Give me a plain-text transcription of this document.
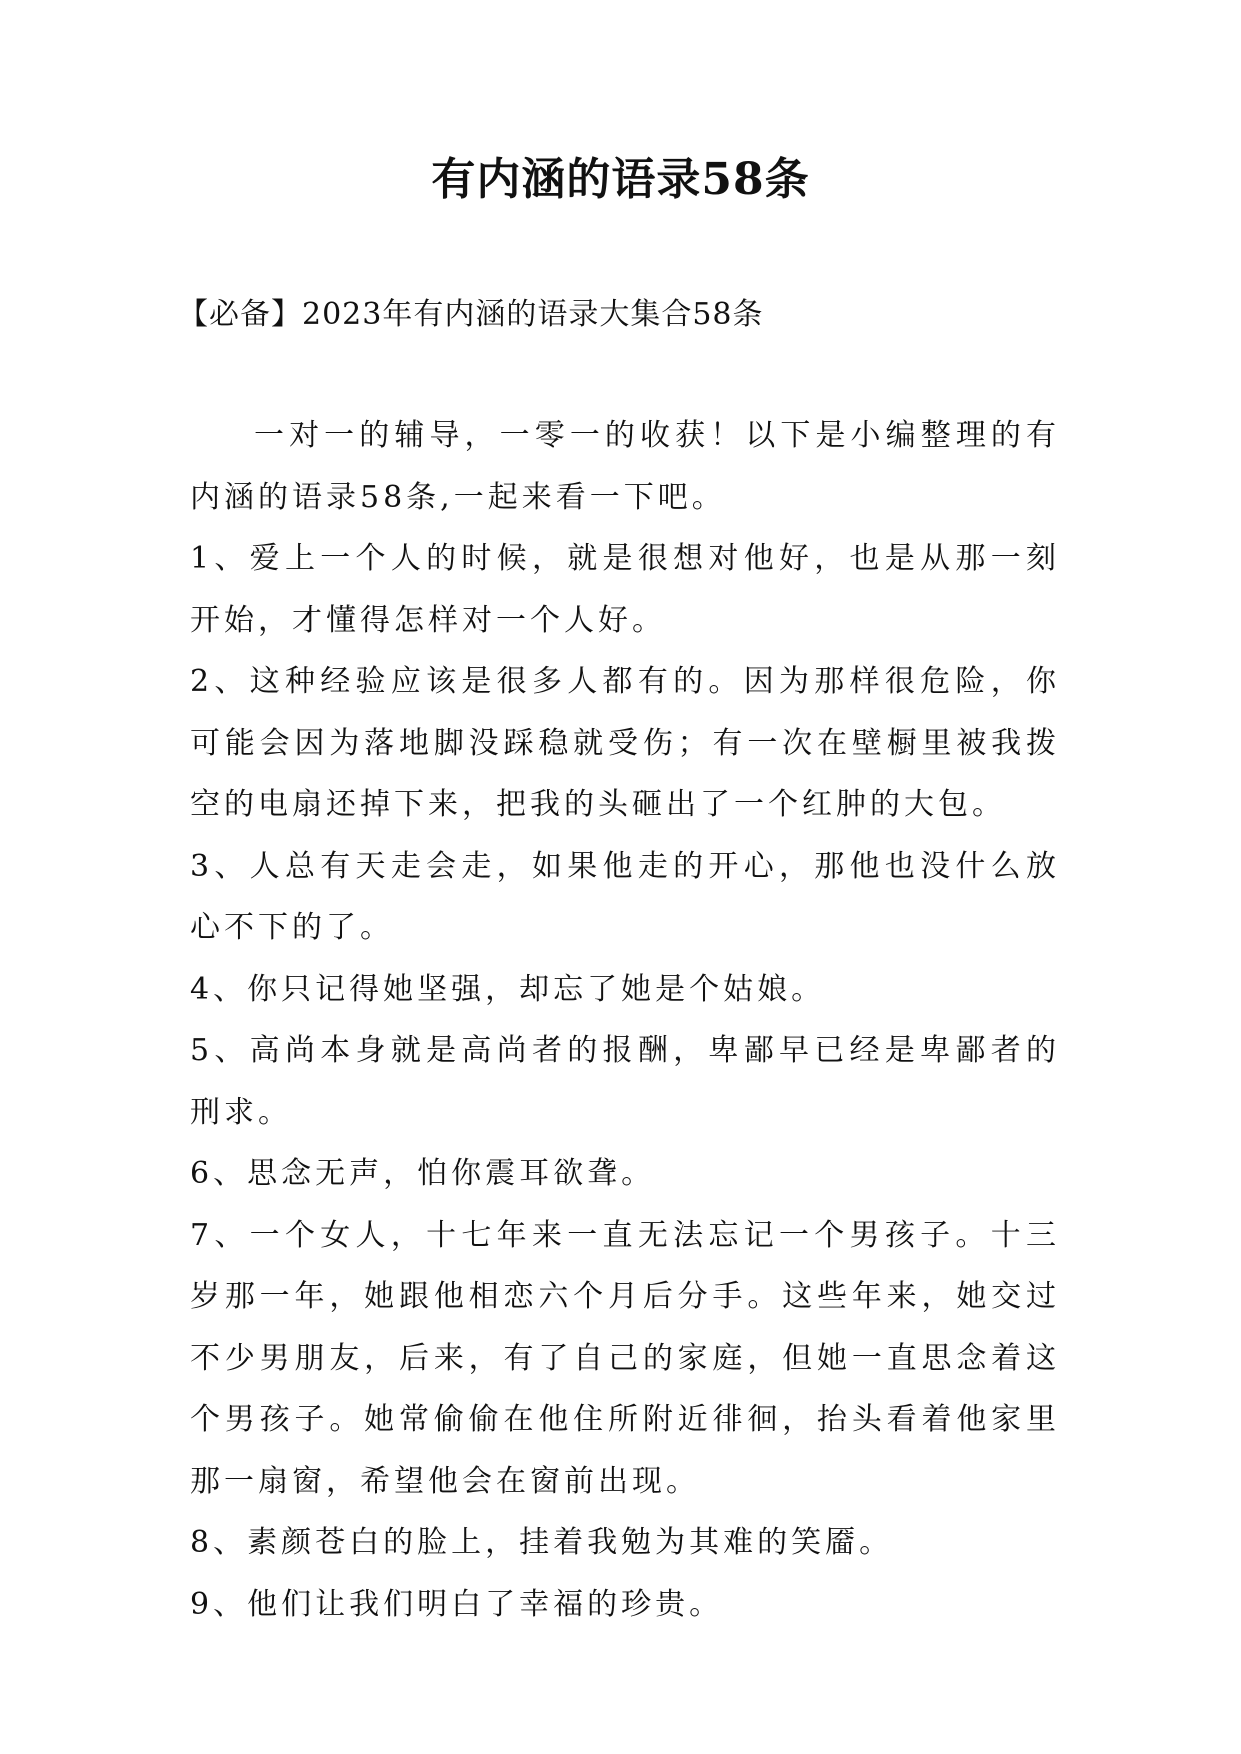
有内涵的语录58条
【必备】2023年有内涵的语录大集合58条

一对一的辅导，一零一的收获！以下是小编整理的有内涵的语录58条,一起来看一下吧。

1、爱上一个人的时候，就是很想对他好，也是从那一刻开始，才懂得怎样对一个人好。

2、这种经验应该是很多人都有的。因为那样很危险，你可能会因为落地脚没踩稳就受伤；有一次在壁橱里被我拨空的电扇还掉下来，把我的头砸出了一个红肿的大包。

3、人总有天走会走，如果他走的开心，那他也没什么放心不下的了。

4、你只记得她坚强，却忘了她是个姑娘。

5、高尚本身就是高尚者的报酬，卑鄙早已经是卑鄙者的刑求。

6、思念无声，怕你震耳欲聋。

7、一个女人，十七年来一直无法忘记一个男孩子。十三岁那一年，她跟他相恋六个月后分手。这些年来，她交过不少男朋友，后来，有了自己的家庭，但她一直思念着这个男孩子。她常偷偷在他住所附近徘徊，抬头看着他家里那一扇窗，希望他会在窗前出现。

8、素颜苍白的脸上，挂着我勉为其难的笑靥。

9、他们让我们明白了幸福的珍贵。
